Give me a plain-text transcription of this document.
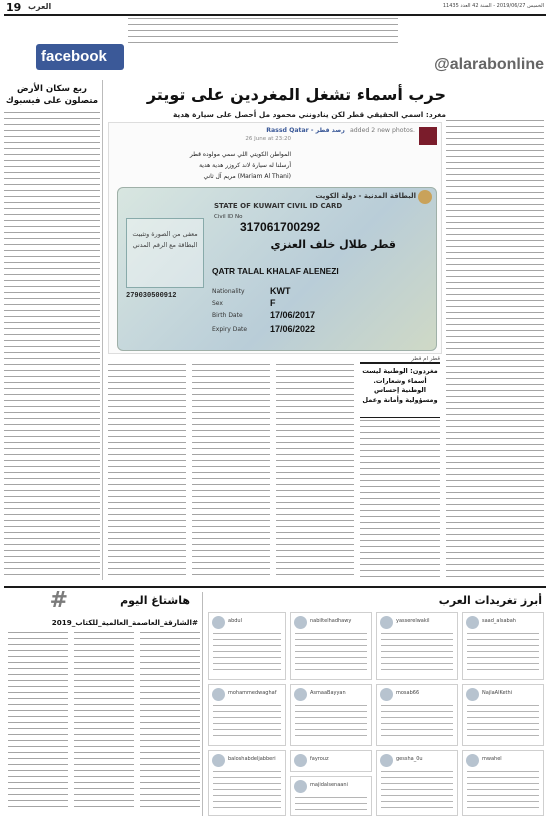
19 العرب	الخميس 2019/06/27 - السنة 42 العدد 11435
facebook	@alarabonline
حرب أسماء تشغل المغردين على تويتر
مغرد: اسمي الحقيقي قطر لكن ينادونني محمود مل أحصل على سيارة هدية
ربع سكان الأرض
متصلون على فيسبوك
Rassd Qatar - رصد قطر added 2 new photos.
26 June at 23:20
المواطن الكويتي اللي سمي مولوده قطر
أرسلنا له سيارة لاند كروزر هدية هدية
(Mariam Al Thani) مريم آل ثاني
البطاقة المدنية - دولة الكويت
STATE OF KUWAIT CIVIL ID CARD
Civil ID No
317061700292
معفى من الصورة وتثبيت البطاقة مع الرقم المدني
279030500912
قطر طلال خلف العنزي
QATR TALAL KHALAF ALENEZI
Nationality	KWT
Sex	F
Birth Date	17/06/2017
Expiry Date	17/06/2022
قطر ام قطر
مغردون: الوطنية ليست أسماء وشعارات. الوطنية إحساس ومسؤولية وأمانة وعمل
هاشتاغ اليوم
#
#الشارقة_العاصمة_العالمية_للكتاب_2019
أبرز تغريدات العرب
saad_alsabah
yasserelwakil
nabiltelhadhawy
abdul
NajlaAlKethi
mosab66
AsmaaBayyan
mohammedwaghaf
mwahel
gessha_0u
fayrouz
majidalsenaani
baloshabdeljabberi
